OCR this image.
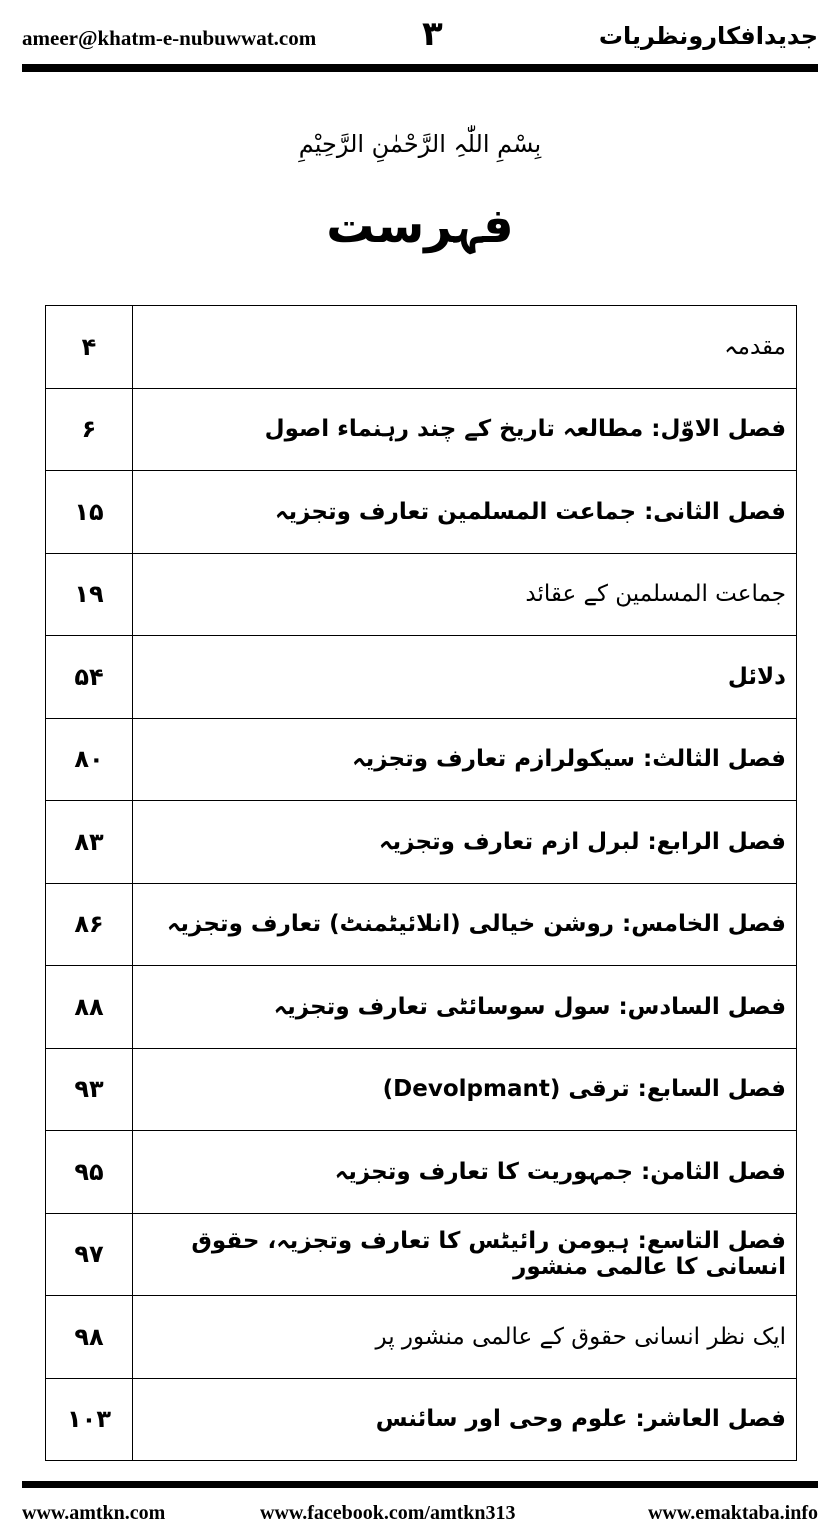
ameer@khatm-e-nubuwwat.com	۳	جدیدافکارونظریات
بِسْمِ اللّٰہِ الرَّحْمٰنِ الرَّحِیْمِ
فہرست
۴	مقدمہ
۶	فصل الاوّل: مطالعہ تاریخ کے چند رہنماء اصول
۱۵	فصل الثانی: جماعت المسلمین تعارف وتجزیہ
۱۹	جماعت المسلمین کے عقائد
۵۴	دلائل
۸۰	فصل الثالث: سیکولرازم تعارف وتجزیہ
۸۳	فصل الرابع: لبرل ازم تعارف وتجزیہ
۸۶	فصل الخامس: روشن خیالی (انلائیٹمنٹ) تعارف وتجزیہ
۸۸	فصل السادس: سول سوسائٹی تعارف وتجزیہ
۹۳	فصل السابع: ترقی (Devolpmant)
۹۵	فصل الثامن: جمہوریت کا تعارف وتجزیہ
۹۷	فصل التاسع: ہیومن رائیٹس کا تعارف وتجزیہ، حقوق انسانی کا عالمی منشور
۹۸	ایک نظر انسانی حقوق کے عالمی منشور پر
۱۰۳	فصل العاشر: علوم وحی اور سائنس
www.amtkn.com	www.facebook.com/amtkn313	www.emaktaba.info
